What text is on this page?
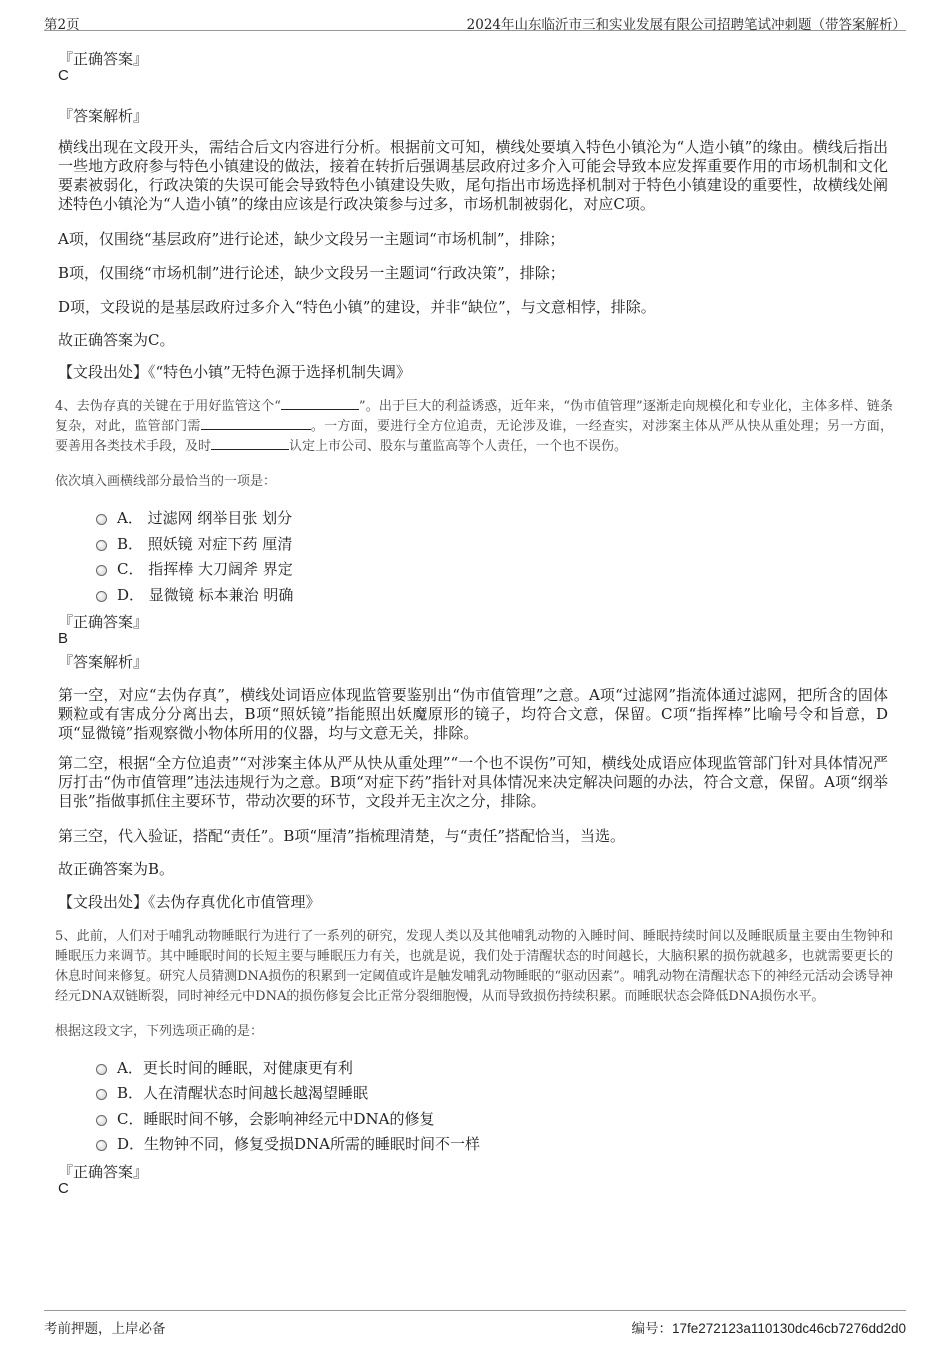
第2页	2024年山东临沂市三和实业发展有限公司招聘笔试冲刺题（带答案解析）
『正确答案』
C
『答案解析』
横线出现在文段开头，需结合后文内容进行分析。根据前文可知，横线处要填入特色小镇沦为“人造小镇”的缘由。横线后指出一些地方政府参与特色小镇建设的做法，接着在转折后强调基层政府过多介入可能会导致本应发挥重要作用的市场机制和文化要素被弱化，行政决策的失误可能会导致特色小镇建设失败，尾句指出市场选择机制对于特色小镇建设的重要性，故横线处阐述特色小镇沦为“人造小镇”的缘由应该是行政决策参与过多，市场机制被弱化，对应C项。
A项，仅围绕“基层政府”进行论述，缺少文段另一主题词“市场机制”，排除；
B项，仅围绕“市场机制”进行论述，缺少文段另一主题词“行政决策”，排除；
D项，文段说的是基层政府过多介入“特色小镇”的建设，并非“缺位”，与文意相悖，排除。
故正确答案为C。
【文段出处】《“特色小镇”无特色源于选择机制失调》
4、去伪存真的关键在于用好监管这个“	”。出于巨大的利益诱惑，近年来，“伪市值管理”逐渐走向规模化和专业化，主体多样、链条复杂，对此，监管部门需	。一方面，要进行全方位追责，无论涉及谁，一经查实，对涉案主体从严从快从重处理；另一方面，要善用各类技术手段，及时	认定上市公司、股东与董监高等个人责任，一个也不误伤。
依次填入画横线部分最恰当的一项是：
A． 过滤网 纲举目张 划分
B． 照妖镜 对症下药 厘清
C． 指挥棒 大刀阔斧 界定
D． 显微镜 标本兼治 明确
『正确答案』
B
『答案解析』
第一空，对应“去伪存真”，横线处词语应体现监管要鉴别出“伪市值管理”之意。A项“过滤网”指流体通过滤网，把所含的固体颗粒或有害成分分离出去，B项“照妖镜”指能照出妖魔原形的镜子，均符合文意，保留。C项“指挥棒”比喻号令和旨意，D项“显微镜”指观察微小物体所用的仪器，均与文意无关，排除。
第二空，根据“全方位追责”“对涉案主体从严从快从重处理”“一个也不误伤”可知，横线处成语应体现监管部门针对具体情况严厉打击“伪市值管理”违法违规行为之意。B项“对症下药”指针对具体情况来决定解决问题的办法，符合文意，保留。A项“纲举目张”指做事抓住主要环节，带动次要的环节，文段并无主次之分，排除。
第三空，代入验证，搭配“责任”。B项“厘清”指梳理清楚，与“责任”搭配恰当，当选。
故正确答案为B。
【文段出处】《去伪存真优化市值管理》
5、此前，人们对于哺乳动物睡眠行为进行了一系列的研究，发现人类以及其他哺乳动物的入睡时间、睡眠持续时间以及睡眠质量主要由生物钟和睡眠压力来调节。其中睡眠时间的长短主要与睡眠压力有关，也就是说，我们处于清醒状态的时间越长，大脑积累的损伤就越多，也就需要更长的休息时间来修复。研究人员猜测DNA损伤的积累到一定阈值或许是触发哺乳动物睡眠的“驱动因素”。哺乳动物在清醒状态下的神经元活动会诱导神经元DNA双链断裂，同时神经元中DNA的损伤修复会比正常分裂细胞慢，从而导致损伤持续积累。而睡眠状态会降低DNA损伤水平。
根据这段文字，下列选项正确的是：
A．更长时间的睡眠，对健康更有利
B．人在清醒状态时间越长越渴望睡眠
C．睡眠时间不够，会影响神经元中DNA的修复
D．生物钟不同，修复受损DNA所需的睡眠时间不一样
『正确答案』
C
考前押题，上岸必备	编号：17fe272123a110130dc46cb7276dd2d0
